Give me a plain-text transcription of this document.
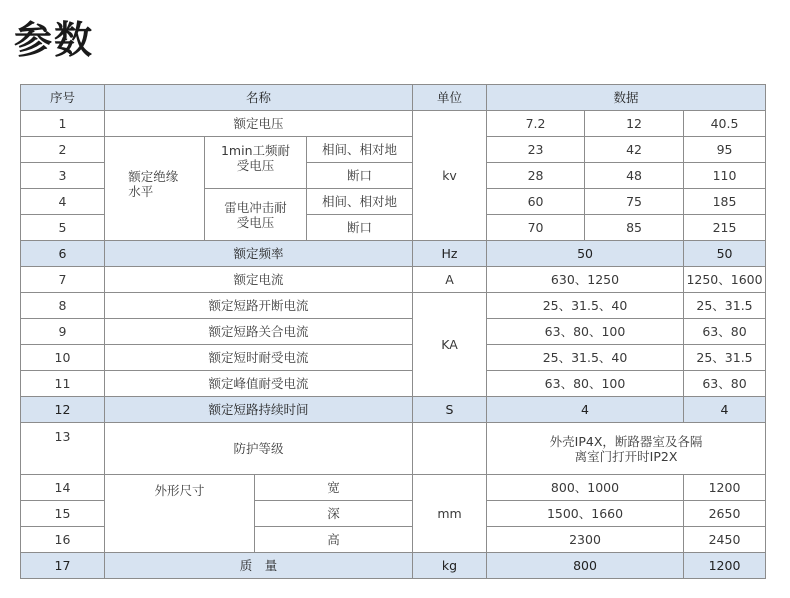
参数
序号	名称				单位	数据		
1	额定电压				kv	7.2	12	40.5
2	额定绝缘水平	1min工频耐受电压		相间、相对地		23	42	95
3				断口		28	48	110
4		雷电冲击耐受电压		相间、相对地		60	75	185
5				断口		70	85	215
6	额定频率				Hz	50		50
7	额定电流				A	630、1250		1250、1600
8	额定短路开断电流				KA	25、31.5、40		25、31.5
9	额定短路关合电流					63、80、100		63、80
10	额定短时耐受电流					25、31.5、40		25、31.5
11	额定峰值耐受电流					63、80、100		63、80
12	额定短路持续时间				S	4		4
13	防护等级					外壳IP4X，断路器室及各隔离室门打开时IP2X		

14	外形尺寸		宽		mm	800、1000		1200
15			深			1500、1660		2650
16			高			2300		2450
17	质　量				kg	800		1200
